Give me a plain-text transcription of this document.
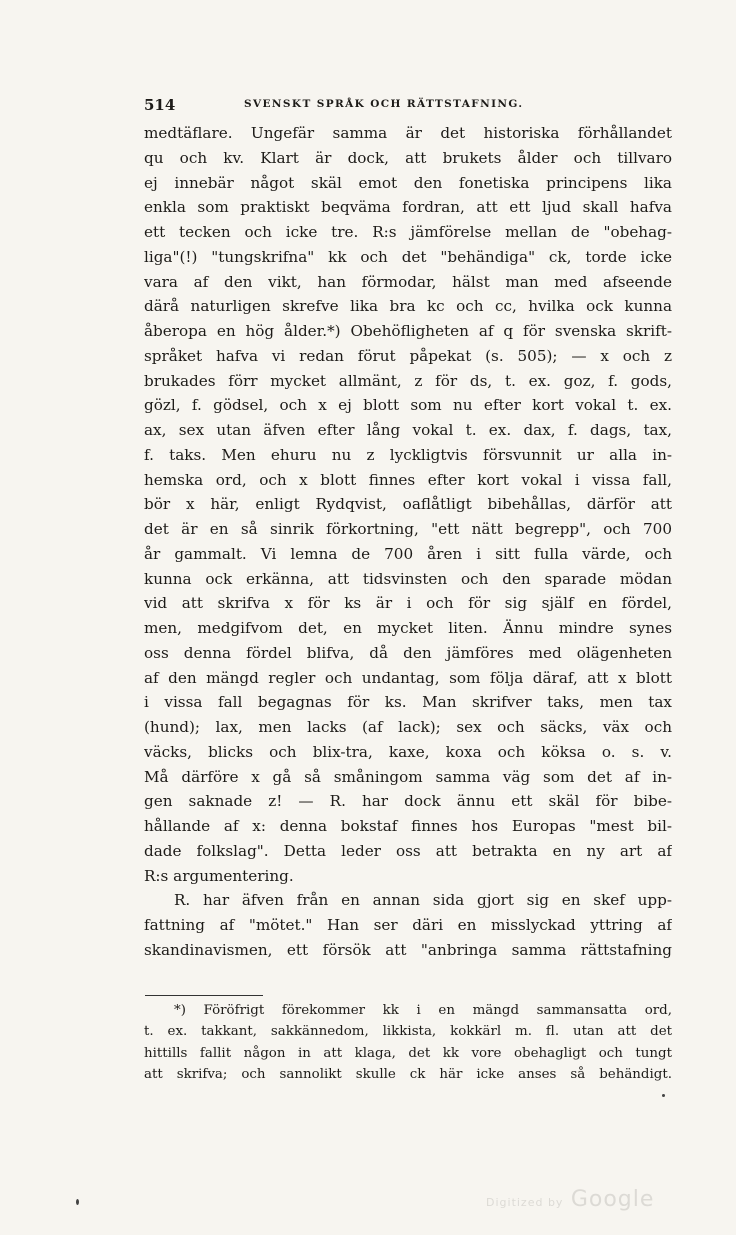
514	SVENSKT SPRÅK OCH RÄTTSTAFNING.
medtäflare. Ungefär samma är det historiska förhållandet
qu och kv. Klart är dock, att brukets ålder och tillvaro
ej innebär något skäl emot den fonetiska principens lika
enkla som praktiskt beqväma fordran, att ett ljud skall hafva
ett tecken och icke tre. R:s jämförelse mellan de "obehag-
liga"(!) "tungskrifna" kk och det "behändiga" ck, torde icke
vara af den vikt, han förmodar, hälst man med afseende
därå naturligen skrefve lika bra kc och cc, hvilka ock kunna
åberopa en hög ålder.*) Obehöfligheten af q för svenska skrift-
språket hafva vi redan förut påpekat (s. 505); — x och z
brukades förr mycket allmänt, z för ds, t. ex. goz, f. gods,
gözl, f. gödsel, och x ej blott som nu efter kort vokal t. ex.
ax, sex utan äfven efter lång vokal t. ex. dax, f. dags, tax,
f. taks. Men ehuru nu z lyckligtvis försvunnit ur alla in-
hemska ord, och x blott finnes efter kort vokal i vissa fall,
bör x här, enligt Rydqvist, oaflåtligt bibehållas, därför att
det är en så sinrik förkortning, "ett nätt begrepp", och 700
år gammalt. Vi lemna de 700 åren i sitt fulla värde, och
kunna ock erkänna, att tidsvinsten och den sparade mödan
vid att skrifva x för ks är i och för sig själf en fördel,
men, medgifvom det, en mycket liten. Ännu mindre synes
oss denna fördel blifva, då den jämföres med olägenheten
af den mängd regler och undantag, som följa däraf, att x blott
i vissa fall begagnas för ks. Man skrifver taks, men tax
(hund); lax, men lacks (af lack); sex och säcks, väx och
väcks, blicks och blix-tra, kaxe, koxa och köksa o. s. v.
Må därföre x gå så småningom samma väg som det af in-
gen saknade z! — R. har dock ännu ett skäl för bibe-
hållande af x: denna bokstaf finnes hos Europas "mest bil-
dade folkslag". Detta leder oss att betrakta en ny art af
R:s argumentering.
R. har äfven från en annan sida gjort sig en skef upp-
fattning af "mötet." Han ser däri en misslyckad yttring af
skandinavismen, ett försök att "anbringa samma rättstafning
*) Föröfrigt förekommer kk i en mängd sammansatta ord,
t. ex. takkant, sakkännedom, likkista, kokkärl m. fl. utan att det
hittills fallit någon in att klaga, det kk vore obehagligt och tungt
att skrifva; och sannolikt skulle ck här icke anses så behändigt.
Digitized by Google
